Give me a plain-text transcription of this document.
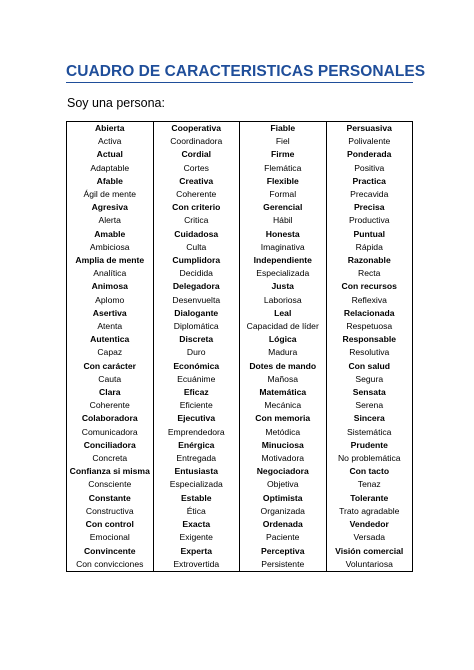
CUADRO DE CARACTERISTICAS PERSONALES
Soy una persona:
Abierta	Cooperativa	Fiable	Persuasiva
Activa	Coordinadora	Fiel	Polivalente
Actual	Cordial	Firme	Ponderada
Adaptable	Cortes	Flemática	Positiva
Afable	Creativa	Flexible	Practica
Ágil de mente	Coherente	Formal	Precavida
Agresiva	Con criterio	Gerencial	Precisa
Alerta	Critica	Hábil	Productiva
Amable	Cuidadosa	Honesta	Puntual
Ambiciosa	Culta	Imaginativa	Rápida
Amplia de mente	Cumplidora	Independiente	Razonable
Analítica	Decidida	Especializada	Recta
Animosa	Delegadora	Justa	Con recursos
Aplomo	Desenvuelta	Laboriosa	Reflexiva
Asertiva	Dialogante	Leal	Relacionada
Atenta	Diplomática	Capacidad de líder	Respetuosa
Autentica	Discreta	Lógica	Responsable
Capaz	Duro	Madura	Resolutiva
Con carácter	Económica	Dotes de mando	Con salud
Cauta	Ecuánime	Mañosa	Segura
Clara	Eficaz	Matemática	Sensata
Coherente	Eficiente	Mecánica	Serena
Colaboradora	Ejecutiva	Con memoria	Sincera
Comunicadora	Emprendedora	Metódica	Sistemática
Conciliadora	Enérgica	Minuciosa	Prudente
Concreta	Entregada	Motivadora	No problemática
Confianza si misma	Entusiasta	Negociadora	Con tacto
Consciente	Especializada	Objetiva	Tenaz
Constante	Estable	Optimista	Tolerante
Constructiva	Ética	Organizada	Trato agradable
Con control	Exacta	Ordenada	Vendedor
Emocional	Exigente	Paciente	Versada
Convincente	Experta	Perceptiva	Visión comercial
Con convicciones	Extrovertida	Persistente	Voluntariosa
